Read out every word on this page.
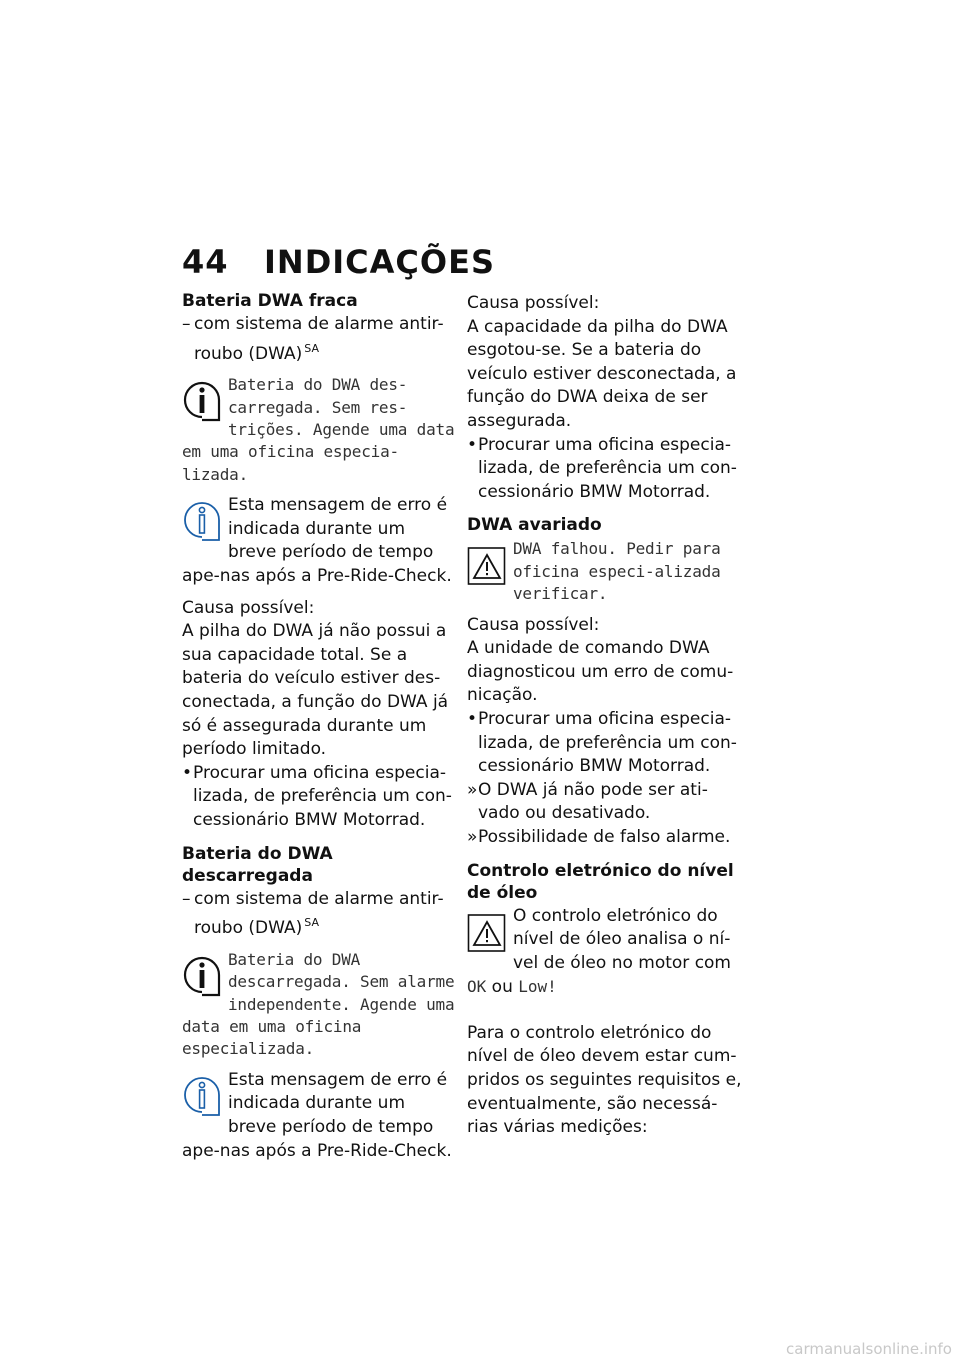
44 INDICAÇÕES
Bateria DWA fraca
– com sistema de alarme antir-roubo (DWA) $^{SA}$
Bateria do DWA des-carregada. Sem res-trições. Agende uma data em uma oficina especia-lizada.
Esta mensagem de erro é indicada durante um breve período de tempo ape-nas após a Pre-Ride-Check.
Causa possível:
A pilha do DWA já não possui a sua capacidade total. Se a bateria do veículo estiver des-conectada, a função do DWA já só é assegurada durante um período limitado.
• Procurar uma oficina especia-lizada, de preferência um con-cessionário BMW Motorrad.
Bateria do DWA descarregada
– com sistema de alarme antir-roubo (DWA) $^{SA}$
Bateria do DWA descarregada. Sem alarme independente. Agende uma data em uma oficina especializada.
Esta mensagem de erro é indicada durante um breve período de tempo ape-nas após a Pre-Ride-Check.
Causa possível:
A capacidade da pilha do DWA esgotou-se. Se a bateria do veículo estiver desconectada, a função do DWA deixa de ser assegurada.
• Procurar uma oficina especia-lizada, de preferência um con-cessionário BMW Motorrad.
DWA avariado
DWA falhou. Pedir para oficina especi-alizada verificar.
Causa possível:
A unidade de comando DWA diagnosticou um erro de comu-nicação.
• Procurar uma oficina especia-lizada, de preferência um con-cessionário BMW Motorrad.
» O DWA já não pode ser ati-vado ou desativado.
» Possibilidade de falso alarme.
Controlo eletrónico do nível de óleo
O controlo eletrónico do nível de óleo analisa o ní-vel de óleo no motor com OK ou Low!
Para o controlo eletrónico do nível de óleo devem estar cum-pridos os seguintes requisitos e, eventualmente, são necessá-rias várias medições:
carmanualsonline.info
